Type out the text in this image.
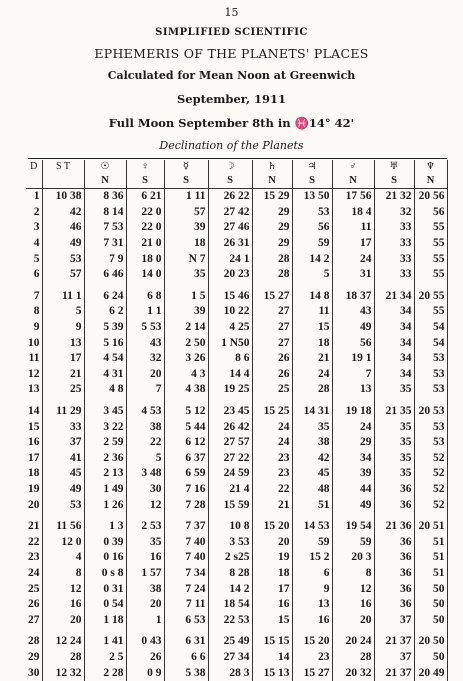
15
SIMPLIFIED SCIENTIFIC
EPHEMERIS OF THE PLANETS' PLACES
Calculated for Mean Noon at Greenwich
September, 1911
Full Moon September 8th in ♓14° 42'
Declination of the Planets
D	S T	☉	♀	☿	☽	♄	♃	♂	♅	♆
		N	S	S	S	N	S	N	S	N
1	10 38	8 36	6 21	1 11	26 22	15 29	13 50	17 56	21 32	20 56
2	42	8 14	22 0	57	27 42	29	53	18 4	32	56
3	46	7 53	22 0	39	27 46	29	56	11	33	55
4	49	7 31	21 0	18	26 31	29	59	17	33	55
5	53	7 9	18 0	N 7	24 1	28	14 2	24	33	55
6	57	6 46	14 0	35	20 23	28	5	31	33	55

7	11 1	6 24	6 8	1 5	15 46	15 27	14 8	18 37	21 34	20 55
8	5	6 2	1 1	39	10 22	27	11	43	34	55
9	9	5 39	5 53	2 14	4 25	27	15	49	34	54
10	13	5 16	43	2 50	1 N50	27	18	56	34	54
11	17	4 54	32	3 26	8 6	26	21	19 1	34	53
12	21	4 31	20	4 3	14 4	26	24	7	34	53
13	25	4 8	7	4 38	19 25	25	28	13	35	53

14	11 29	3 45	4 53	5 12	23 45	15 25	14 31	19 18	21 35	20 53
15	33	3 22	38	5 44	26 42	24	35	24	35	53
16	37	2 59	22	6 12	27 57	24	38	29	35	53
17	41	2 36	5	6 37	27 22	23	42	34	35	52
18	45	2 13	3 48	6 59	24 59	23	45	39	35	52
19	49	1 49	30	7 16	21 4	22	48	44	36	52
20	53	1 26	12	7 28	15 59	21	51	49	36	52

21	11 56	1 3	2 53	7 37	10 8	15 20	14 53	19 54	21 36	20 51
22	12 0	0 39	35	7 40	3 53	20	59	59	36	51
23	4	0 16	16	7 40	2 s25	19	15 2	20 3	36	51
24	8	0 s 8	1 57	7 34	8 28	18	6	8	36	51
25	12	0 31	38	7 24	14 2	17	9	12	36	50
26	16	0 54	20	7 11	18 54	16	13	16	36	50
27	20	1 18	1	6 53	22 53	15	16	20	37	50

28	12 24	1 41	0 43	6 31	25 49	15 15	15 20	20 24	21 37	20 50
29	28	2 5	26	6 6	27 34	14	23	28	37	50
30	12 32	2 28	0 9	5 38	28 3	15 13	15 27	20 32	21 37	20 49
